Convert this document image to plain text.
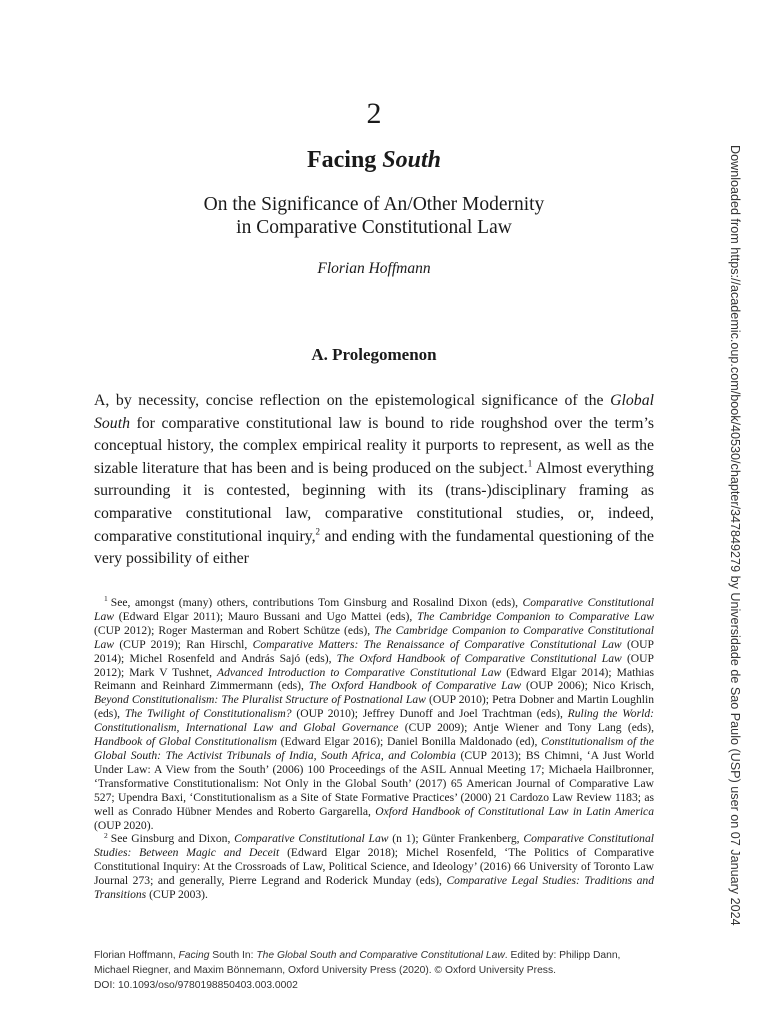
2
Facing South
On the Significance of An/Other Modernity
in Comparative Constitutional Law
Florian Hoffmann
A. Prolegomenon
A, by necessity, concise reflection on the epistemological significance of the Global South for comparative constitutional law is bound to ride roughshod over the term’s conceptual history, the complex empirical reality it purports to represent, as well as the sizable literature that has been and is being produced on the subject.$^1$ Almost everything surrounding it is contested, beginning with its (trans-)disciplinary framing as comparative constitutional law, comparative constitutional studies, or, indeed, comparative constitutional inquiry,$^2$ and ending with the fundamental questioning of the very possibility of either

$^1$ See, amongst (many) others, contributions Tom Ginsburg and Rosalind Dixon (eds), Comparative Constitutional Law (Edward Elgar 2011); Mauro Bussani and Ugo Mattei (eds), The Cambridge Companion to Comparative Law (CUP 2012); Roger Masterman and Robert Schütze (eds), The Cambridge Companion to Comparative Constitutional Law (CUP 2019); Ran Hirschl, Comparative Matters: The Renaissance of Comparative Constitutional Law (OUP 2014); Michel Rosenfeld and András Sajó (eds), The Oxford Handbook of Comparative Constitutional Law (OUP 2012); Mark V Tushnet, Advanced Introduction to Comparative Constitutional Law (Edward Elgar 2014); Mathias Reimann and Reinhard Zimmermann (eds), The Oxford Handbook of Comparative Law (OUP 2006); Nico Krisch, Beyond Constitutionalism: The Pluralist Structure of Postnational Law (OUP 2010); Petra Dobner and Martin Loughlin (eds), The Twilight of Constitutionalism? (OUP 2010); Jeffrey Dunoff and Joel Trachtman (eds), Ruling the World: Constitutionalism, International Law and Global Governance (CUP 2009); Antje Wiener and Tony Lang (eds), Handbook of Global Constitutionalism (Edward Elgar 2016); Daniel Bonilla Maldonado (ed), Constitutionalism of the Global South: The Activist Tribunals of India, South Africa, and Colombia (CUP 2013); BS Chimni, ‘A Just World Under Law: A View from the South’ (2006) 100 Proceedings of the ASIL Annual Meeting 17; Michaela Hailbronner, ‘Transformative Constitutionalism: Not Only in the Global South’ (2017) 65 American Journal of Comparative Law 527; Upendra Baxi, ‘Constitutionalism as a Site of State Formative Practices’ (2000) 21 Cardozo Law Review 1183; as well as Conrado Hübner Mendes and Roberto Gargarella, Oxford Handbook of Constitutional Law in Latin America (OUP 2020).

$^2$ See Ginsburg and Dixon, Comparative Constitutional Law (n 1); Günter Frankenberg, Comparative Constitutional Studies: Between Magic and Deceit (Edward Elgar 2018); Michel Rosenfeld, ‘The Politics of Comparative Constitutional Inquiry: At the Crossroads of Law, Political Science, and Ideology’ (2016) 66 University of Toronto Law Journal 273; and generally, Pierre Legrand and Roderick Munday (eds), Comparative Legal Studies: Traditions and Transitions (CUP 2003).

Florian Hoffmann, Facing South In: The Global South and Comparative Constitutional Law. Edited by: Philipp Dann,
Michael Riegner, and Maxim Bönnemann, Oxford University Press (2020). © Oxford University Press.
DOI: 10.1093/oso/9780198850403.003.0002
Downloaded from https://academic.oup.com/book/40530/chapter/347849279 by Universidade de Sao Paulo (USP) user on 07 January 2024
